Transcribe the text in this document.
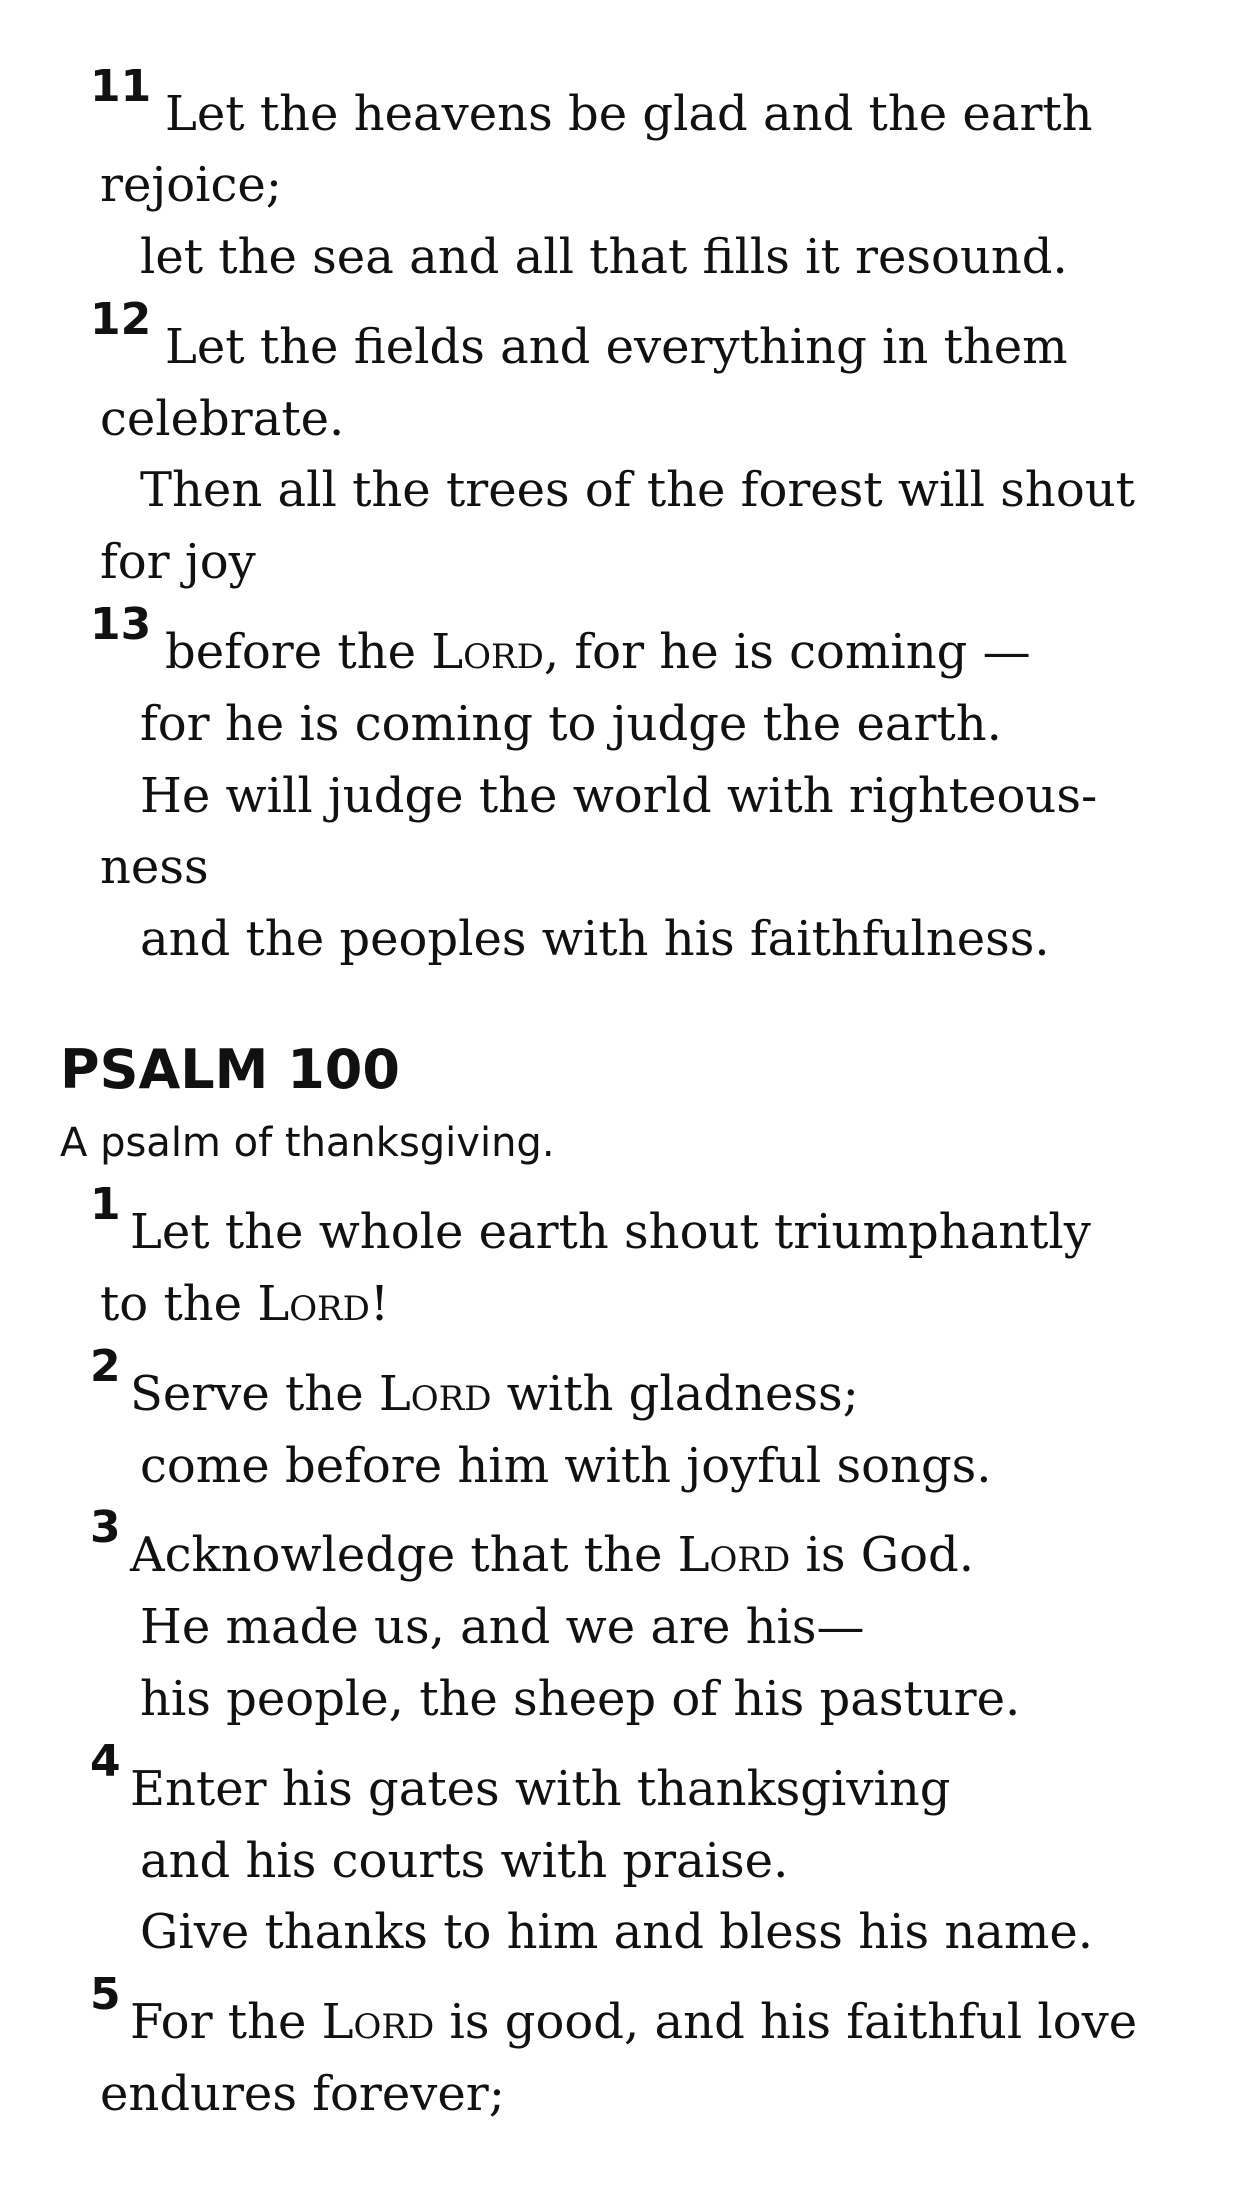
11 Let the heavens be glad and the earth
rejoice;
let the sea and all that fills it resound.
12 Let the fields and everything in them
celebrate.
Then all the trees of the forest will shout
for joy
13 before the Lord, for he is coming —
for he is coming to judge the earth.
He will judge the world with righteous-
ness
and the peoples with his faithfulness.
PSALM 100
A psalm of thanksgiving.
1 Let the whole earth shout triumphantly
to the Lord!
2 Serve the Lord with gladness;
come before him with joyful songs.
3 Acknowledge that the Lord is God.
He made us, and we are his—
his people, the sheep of his pasture.
4 Enter his gates with thanksgiving
and his courts with praise.
Give thanks to him and bless his name.
5 For the Lord is good, and his faithful love
endures forever;
